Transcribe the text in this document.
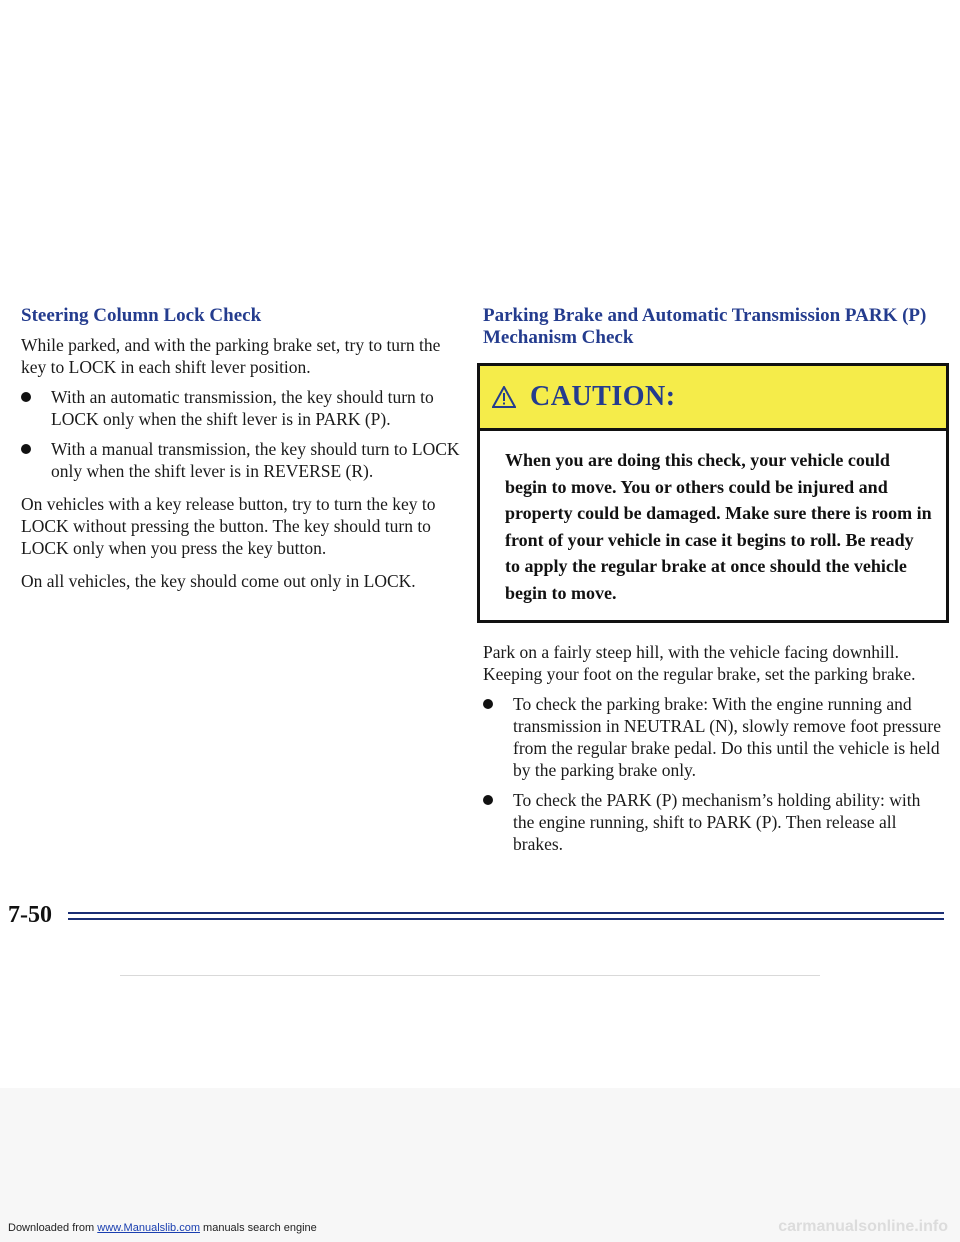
Steering Column Lock Check

While parked, and with the parking brake set, try to turn the key to LOCK in each shift lever position.

With an automatic transmission, the key should turn to LOCK only when the shift lever is in PARK (P).
With a manual transmission, the key should turn to LOCK only when the shift lever is in REVERSE (R).

On vehicles with a key release button, try to turn the key to LOCK without pressing the button. The key should turn to LOCK only when you press the key button.

On all vehicles, the key should come out only in LOCK.

Parking Brake and Automatic Transmission PARK (P) Mechanism Check
CAUTION:
When you are doing this check, your vehicle could begin to move. You or others could be injured and property could be damaged. Make sure there is room in front of your vehicle in case it begins to roll. Be ready to apply the regular brake at once should the vehicle begin to move.

Park on a fairly steep hill, with the vehicle facing downhill. Keeping your foot on the regular brake, set the parking brake.

To check the parking brake: With the engine running and transmission in NEUTRAL (N), slowly remove foot pressure from the regular brake pedal. Do this until the vehicle is held by the parking brake only.
To check the PARK (P) mechanism’s holding ability: with the engine running, shift to PARK (P). Then release all brakes.
7-50
Downloaded from www.Manualslib.com manuals search engine	carmanualsonline.info
